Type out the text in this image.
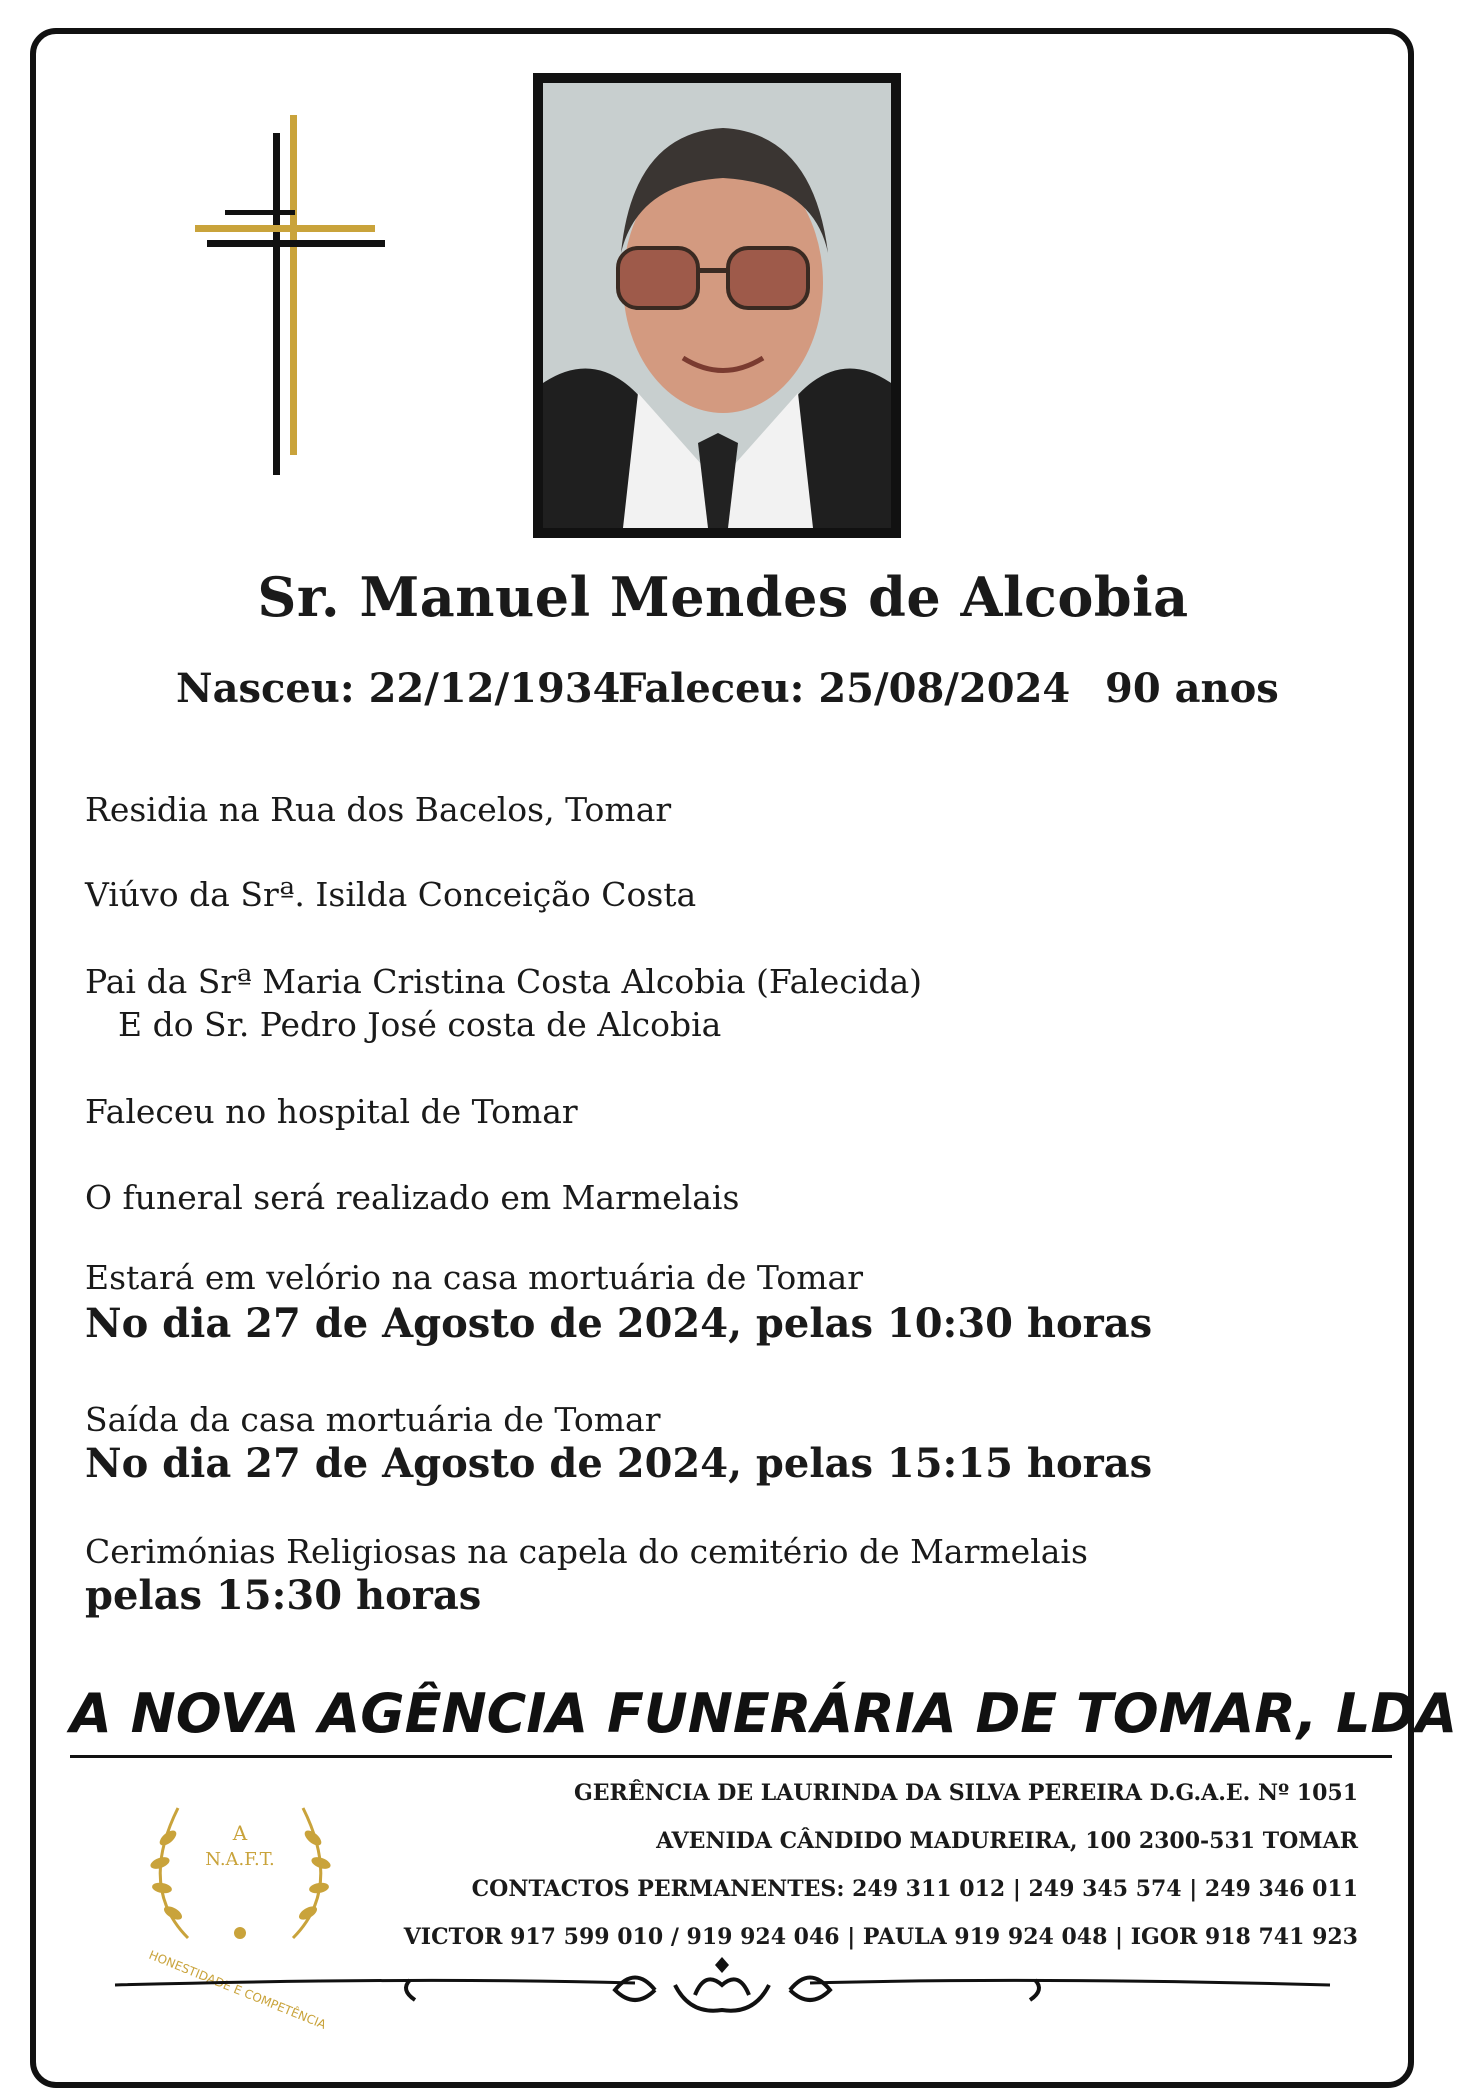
Sr. Manuel Mendes de Alcobia
Nasceu: 22/12/1934
Faleceu: 25/08/2024 90 anos
Residia na Rua dos Bacelos, Tomar
Viúvo da Srª. Isilda Conceição Costa
Pai da Srª Maria Cristina Costa Alcobia (Falecida)
E do Sr. Pedro José costa de Alcobia
Faleceu no hospital de Tomar
O funeral será realizado em Marmelais
Estará em velório na casa mortuária de Tomar
No dia 27 de Agosto de 2024, pelas 10:30 horas
Saída da casa mortuária de Tomar
No dia 27 de Agosto de 2024, pelas 15:15 horas
Cerimónias Religiosas na capela do cemitério de Marmelais
pelas 15:30 horas
A NOVA AGÊNCIA FUNERÁRIA DE TOMAR, LDA
A
N.A.F.T.
HONESTIDADE E COMPETÊNCIA
GERÊNCIA DE LAURINDA DA SILVA PEREIRA D.G.A.E. Nº 1051
AVENIDA CÂNDIDO MADUREIRA, 100 2300-531 TOMAR
CONTACTOS PERMANENTES: 249 311 012 | 249 345 574 | 249 346 011
VICTOR 917 599 010 / 919 924 046 | PAULA 919 924 048 | IGOR 918 741 923
